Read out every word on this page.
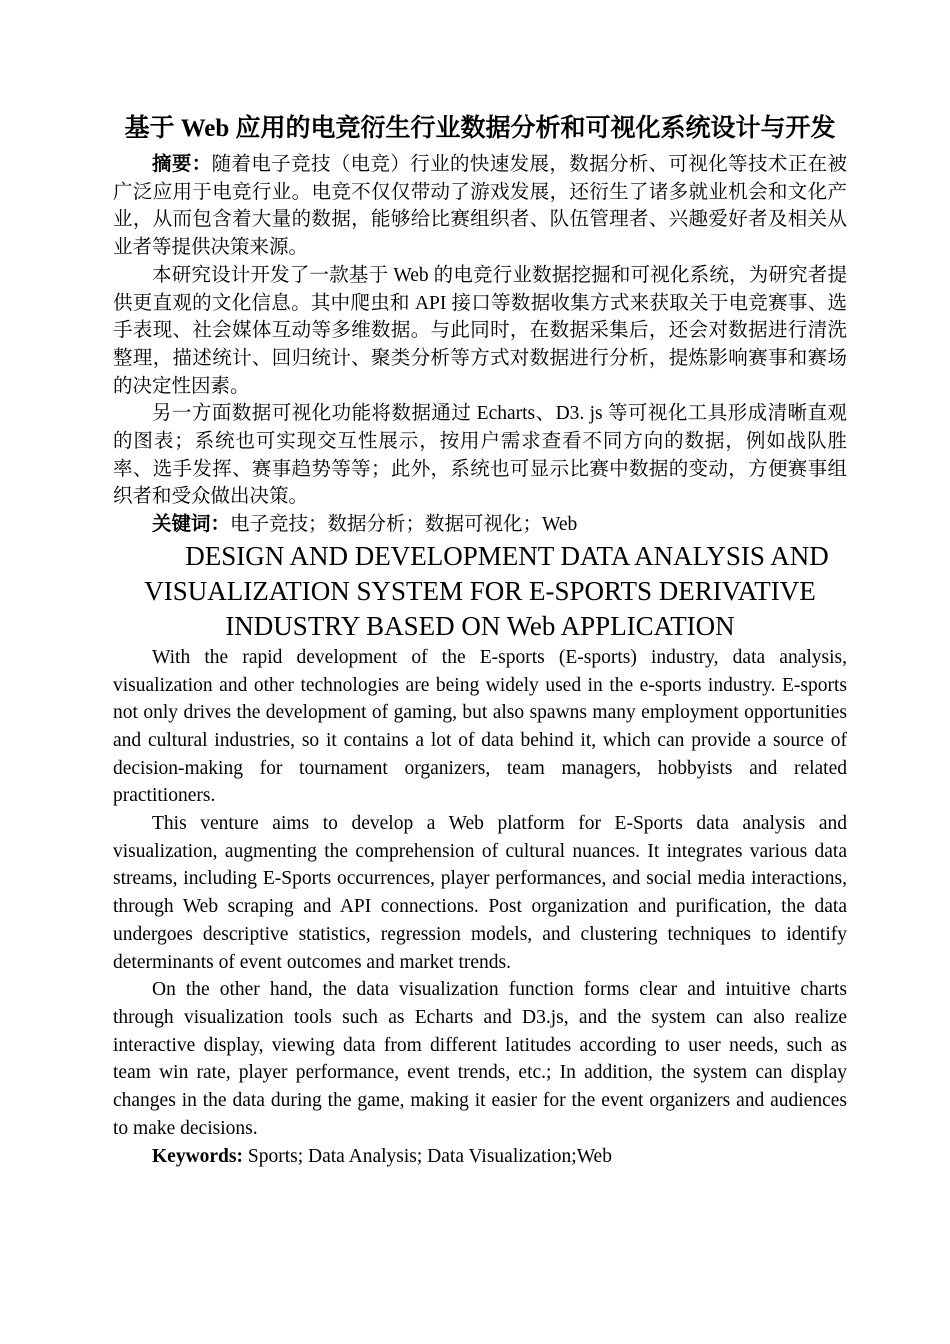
基于 Web 应用的电竞衍生行业数据分析和可视化系统设计与开发

摘要：随着电子竞技（电竞）行业的快速发展，数据分析、可视化等技术正在被广泛应用于电竞行业。电竞不仅仅带动了游戏发展，还衍生了诸多就业机会和文化产业，从而包含着大量的数据，能够给比赛组织者、队伍管理者、兴趣爱好者及相关从业者等提供决策来源。

本研究设计开发了一款基于 Web 的电竞行业数据挖掘和可视化系统，为研究者提供更直观的文化信息。其中爬虫和 API 接口等数据收集方式来获取关于电竞赛事、选手表现、社会媒体互动等多维数据。与此同时，在数据采集后，还会对数据进行清洗整理，描述统计、回归统计、聚类分析等方式对数据进行分析，提炼影响赛事和赛场的决定性因素。

另一方面数据可视化功能将数据通过 Echarts、D3. js 等可视化工具形成清晰直观的图表；系统也可实现交互性展示，按用户需求查看不同方向的数据，例如战队胜率、选手发挥、赛事趋势等等；此外，系统也可显示比赛中数据的变动，方便赛事组织者和受众做出决策。

关键词：电子竞技；数据分析；数据可视化；Web

DESIGN AND DEVELOPMENT DATA ANALYSIS AND
VISUALIZATION SYSTEM FOR E-SPORTS DERIVATIVE
INDUSTRY BASED ON Web APPLICATION

With the rapid development of the E-sports (E-sports) industry, data analysis, visualization and other technologies are being widely used in the e-sports industry. E-sports not only drives the development of gaming, but also spawns many employment opportunities and cultural industries, so it contains a lot of data behind it, which can provide a source of decision-making for tournament organizers, team managers, hobbyists and related practitioners.

This venture aims to develop a Web platform for E-Sports data analysis and visualization, augmenting the comprehension of cultural nuances. It integrates various data streams, including E-Sports occurrences, player performances, and social media interactions, through Web scraping and API connections. Post organization and purification, the data undergoes descriptive statistics, regression models, and clustering techniques to identify determinants of event outcomes and market trends.

On the other hand, the data visualization function forms clear and intuitive charts through visualization tools such as Echarts and D3.js, and the system can also realize interactive display, viewing data from different latitudes according to user needs, such as team win rate, player performance, event trends, etc.; In addition, the system can display changes in the data during the game, making it easier for the event organizers and audiences to make decisions.

Keywords: Sports; Data Analysis; Data Visualization;Web
